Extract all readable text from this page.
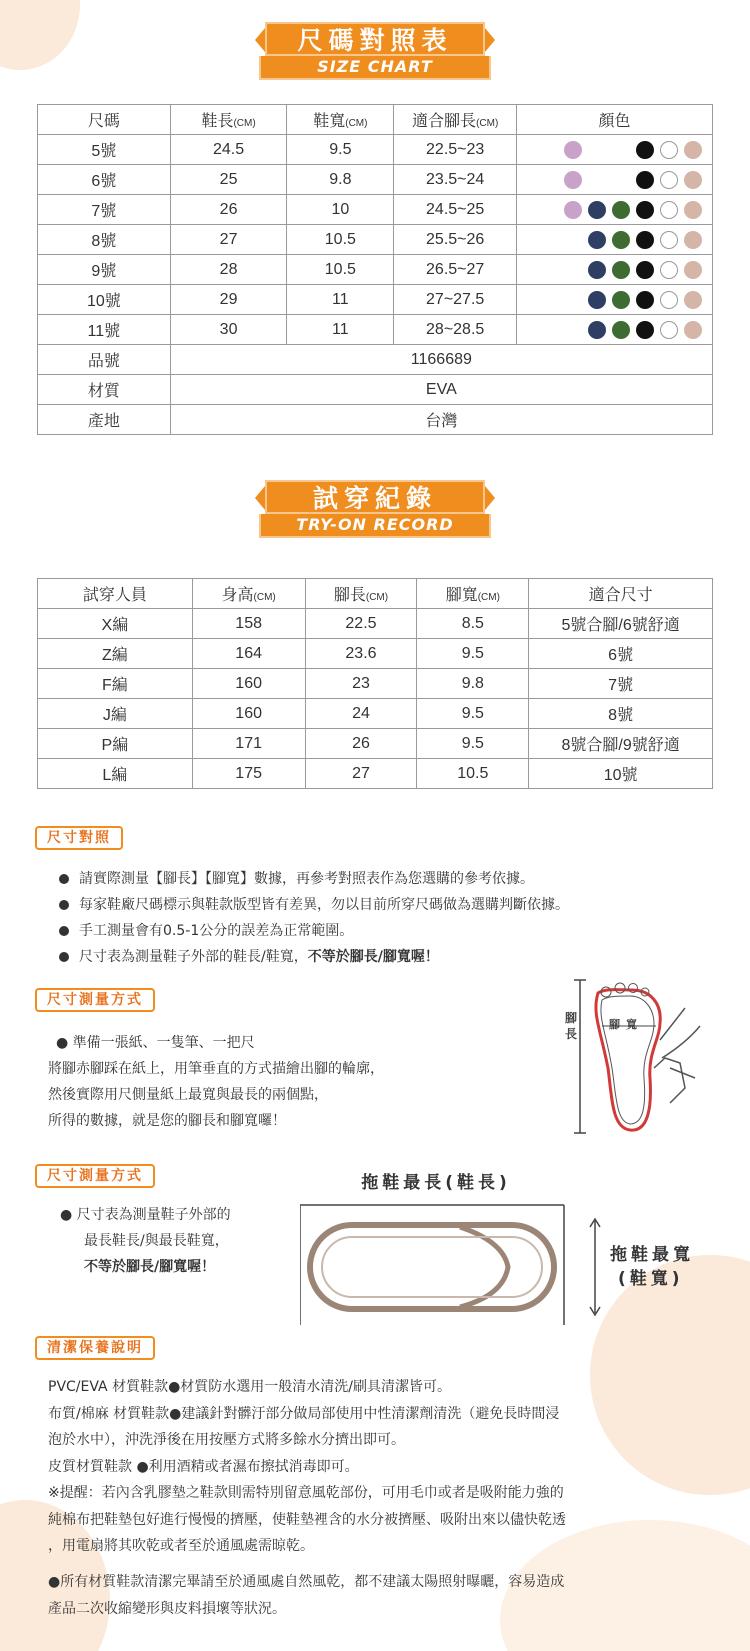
尺碼對照表
SIZE CHART
尺碼	鞋長(CM)	鞋寬(CM)	適合腳長(CM)	顏色
5號	24.5	9.5	22.5~23	

6號	25	9.8	23.5~24	

7號	26	10	24.5~25	

8號	27	10.5	25.5~26	

9號	28	10.5	26.5~27	

10號	29	11	27~27.5	

11號	30	11	28~28.5	

品號	1166689			
材質	EVA			
產地	台灣			
試穿紀錄
TRY-ON RECORD
試穿人員	身高(CM)	腳長(CM)	腳寬(CM)	適合尺寸
X編	158	22.5	8.5	5號合腳/6號舒適
Z編	164	23.6	9.5	6號
F編	160	23	9.8	7號
J編	160	24	9.5	8號
P編	171	26	9.5	8號合腳/9號舒適
L編	175	27	10.5	10號
尺寸對照
請實際測量【腳長】【腳寬】數據，再參考對照表作為您選購的參考依據。
每家鞋廠尺碼標示與鞋款版型皆有差異，勿以目前所穿尺碼做為選購判斷依據。
手工測量會有0.5-1公分的誤差為正常範圍。
尺寸表為測量鞋子外部的鞋長/鞋寬，不等於腳長/腳寬喔！
尺寸測量方式
● 準備一張紙、一隻筆、一把尺
將腳赤腳踩在紙上，用筆垂直的方式描繪出腳的輪廓，
然後實際用尺側量紙上最寬與最長的兩個點，
所得的數據，就是您的腳長和腳寬囉！
腳長
腳寬
尺寸測量方式
● 尺寸表為測量鞋子外部的
最長鞋長/與最長鞋寬，
不等於腳長/腳寬喔！
拖鞋最長(鞋長)
拖鞋最寬
(鞋寬)
清潔保養說明
PVC/EVA 材質鞋款●材質防水選用一般清水清洗/刷具清潔皆可。
布質/棉麻 材質鞋款●建議針對髒汙部分做局部使用中性清潔劑清洗（避免長時間浸
泡於水中），沖洗淨後在用按壓方式將多餘水分擠出即可。
皮質材質鞋款 ●利用酒精或者濕布擦拭消毒即可。
※提醒：若內含乳膠墊之鞋款則需特別留意風乾部份，可用毛巾或者是吸附能力強的
純棉布把鞋墊包好進行慢慢的擠壓，使鞋墊裡含的水分被擠壓、吸附出來以儘快乾透
，用電扇將其吹乾或者至於通風處需晾乾。
●所有材質鞋款清潔完畢請至於通風處自然風乾，都不建議太陽照射曝曬，容易造成
產品二次收縮變形與皮料損壞等狀況。
